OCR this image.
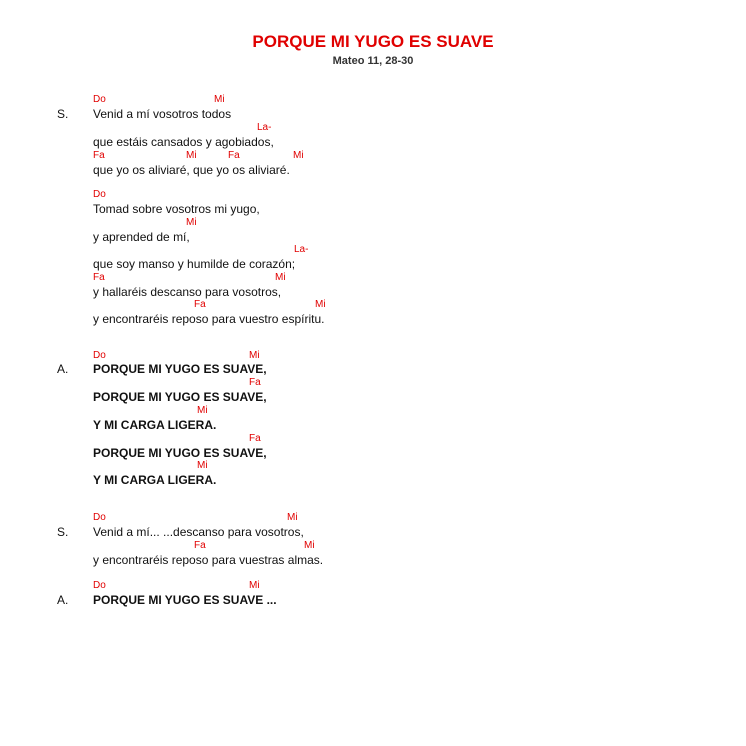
PORQUE MI YUGO ES SUAVE
Mateo 11, 28-30
S.
Do	Mi
Venid a mí vosotros todos
La-
que estáis cansados y agobiados,
Fa	Mi	Fa	Mi
que yo os aliviaré, que yo os aliviaré.
Do
Tomad sobre vosotros mi yugo,
Mi
y aprended de mí,
La-
que soy manso y humilde de corazón;
Fa	Mi
y hallaréis descanso para vosotros,
Fa	Mi
y encontraréis reposo para vuestro espíritu.
A.
Do	Mi
PORQUE MI YUGO ES SUAVE,
Fa
PORQUE MI YUGO ES SUAVE,
Mi
Y MI CARGA LIGERA.
Fa
PORQUE MI YUGO ES SUAVE,
Mi
Y MI CARGA LIGERA.
S.
Do	Mi
Venid a mí... ...descanso para vosotros,
Fa	Mi
y encontraréis reposo para vuestras almas.
A.
Do	Mi
PORQUE MI YUGO ES SUAVE ...
